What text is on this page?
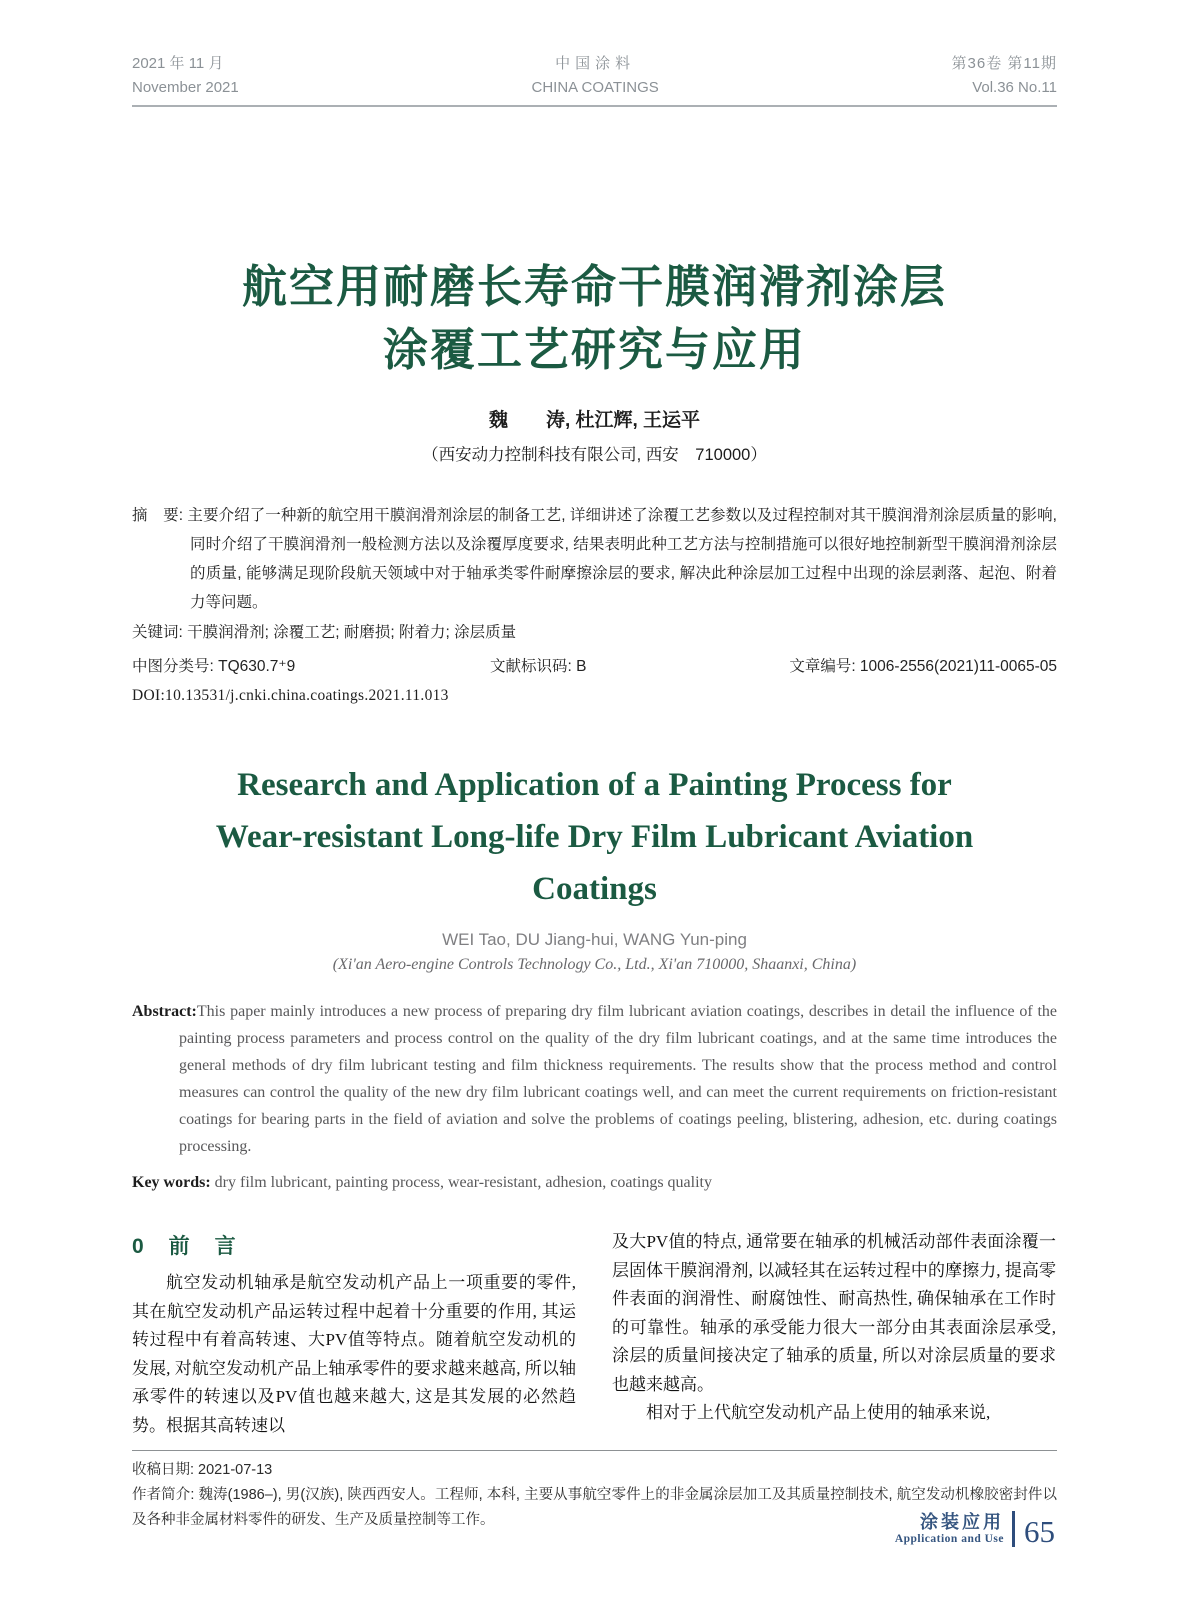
2021 年 11 月
November 2021
中国涂料
CHINA COATINGS
第36卷 第11期
Vol.36 No.11
航空用耐磨长寿命干膜润滑剂涂层
涂覆工艺研究与应用
魏　　涛, 杜江辉, 王运平
（西安动力控制科技有限公司, 西安　710000）

摘　要: 主要介绍了一种新的航空用干膜润滑剂涂层的制备工艺, 详细讲述了涂覆工艺参数以及过程控制对其干膜润滑剂涂层质量的影响, 同时介绍了干膜润滑剂一般检测方法以及涂覆厚度要求, 结果表明此种工艺方法与控制措施可以很好地控制新型干膜润滑剂涂层的质量, 能够满足现阶段航天领域中对于轴承类零件耐摩擦涂层的要求, 解决此种涂层加工过程中出现的涂层剥落、起泡、附着力等问题。

关键词: 干膜润滑剂; 涂覆工艺; 耐磨损; 附着力; 涂层质量

中图分类号: TQ630.7⁺9	文献标识码: B	文章编号: 1006-2556(2021)11-0065-05
DOI:10.13531/j.cnki.china.coatings.2021.11.013
Research and Application of a Painting Process for
Wear-resistant Long-life Dry Film Lubricant Aviation
Coatings
WEI Tao, DU Jiang-hui, WANG Yun-ping
(Xi'an Aero-engine Controls Technology Co., Ltd., Xi'an 710000, Shaanxi, China)

Abstract:This paper mainly introduces a new process of preparing dry film lubricant aviation coatings, describes in detail the influence of the painting process parameters and process control on the quality of the dry film lubricant coatings, and at the same time introduces the general methods of dry film lubricant testing and film thickness requirements. The results show that the process method and control measures can control the quality of the new dry film lubricant coatings well, and can meet the current requirements on friction-resistant coatings for bearing parts in the field of aviation and solve the problems of coatings peeling, blistering, adhesion, etc. during coatings processing.

Key words: dry film lubricant, painting process, wear-resistant, adhesion, coatings quality

0　前　言

航空发动机轴承是航空发动机产品上一项重要的零件, 其在航空发动机产品运转过程中起着十分重要的作用, 其运转过程中有着高转速、大PV值等特点。随着航空发动机的发展, 对航空发动机产品上轴承零件的要求越来越高, 所以轴承零件的转速以及PV值也越来越大, 这是其发展的必然趋势。根据其高转速以

及大PV值的特点, 通常要在轴承的机械活动部件表面涂覆一层固体干膜润滑剂, 以减轻其在运转过程中的摩擦力, 提高零件表面的润滑性、耐腐蚀性、耐高热性, 确保轴承在工作时的可靠性。轴承的承受能力很大一部分由其表面涂层承受, 涂层的质量间接决定了轴承的质量, 所以对涂层质量的要求也越来越高。

相对于上代航空发动机产品上使用的轴承来说,

收稿日期: 2021-07-13
作者简介: 魏涛(1986–), 男(汉族), 陕西西安人。工程师, 本科, 主要从事航空零件上的非金属涂层加工及其质量控制技术, 航空发动机橡胶密封件以及各种非金属材料零件的研发、生产及质量控制等工作。	涂装应用
Application and Use 65
